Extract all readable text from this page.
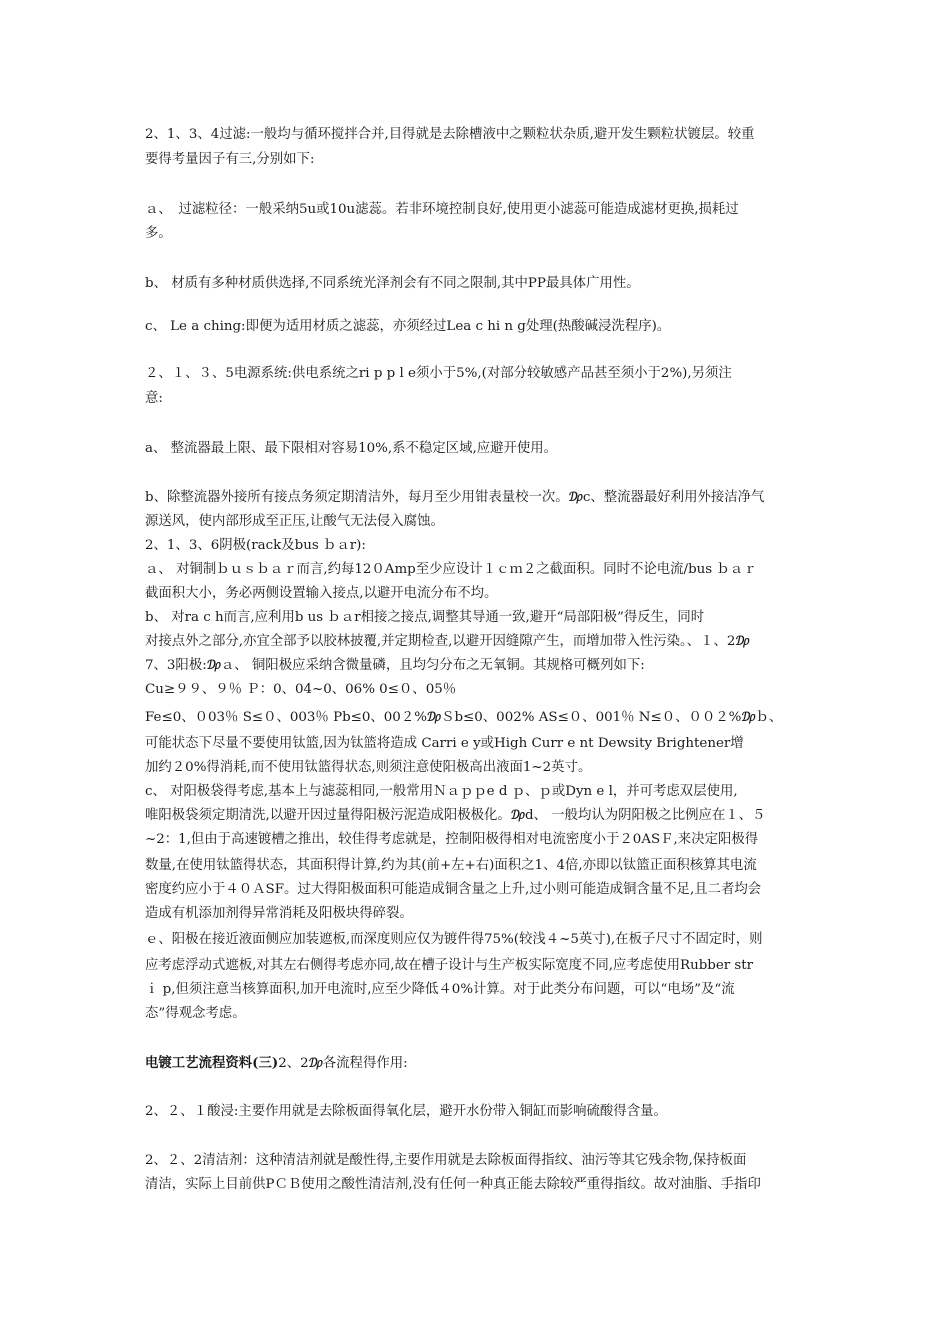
2、1、3、4过滤:一般均与循环搅拌合并,目得就是去除槽液中之颗粒状杂质,避开发生颗粒状镀层。较重
要得考量因子有三,分别如下:
ａ、　过滤粒径：一般采纳5u或10u滤蕊。若非环境控制良好,使用更小滤蕊可能造成滤材更换,损耗过
多。
b、 材质有多种材质供选择,不同系统光泽剂会有不同之限制,其中PP最具体广用性。
c、 Le a ching:即便为适用材质之滤蕊，亦须经过Lea c hi n g处理(热酸碱浸洗程序)。
２、１、３、5电源系统:供电系统之ri p p l e须小于5%,(对部分较敏感产品甚至须小于2%),另须注
意:
a、 整流器最上限、最下限相对容易10%,系不稳定区域,应避开使用。
b、除整流器外接所有接点务须定期清洁外，每月至少用钳表量校一次。₯c、整流器最好利用外接洁净气
源送风，使内部形成至正压,让酸气无法侵入腐蚀。
2、1、3、6阴极(rack及bus ｂａr):
ａ、 对铜制ｂｕｓｂａｒ而言,约每12０Amp至少应设计１ｃｍ２之截面积。同时不论电流/bus ｂａｒ
截面积大小，务必两侧设置输入接点,以避开电流分布不均。
b、 对ra c h而言,应利用b us ｂａr相接之接点,调整其导通一致,避开“局部阳极”得反生，同时
对接点外之部分,亦宜全部予以胶林披覆,并定期检查,以避开因缝隙产生，而增加带入性污染。、１、2₯
7、3阳极:₯ａ、 铜阳极应采纳含微量磷，且均匀分布之无氧铜。其规格可概列如下:
Cu≥９９、９％ Ｐ：0、04~0、06% 0≤０、05％
Fe≤0、０03％ S≤０、003％ Pb≤0、00２%₯Ｓb≤0、002% AS≤０、001％ N≤０、００２%₯ｂ、
可能状态下尽量不要使用钛篮,因为钛篮将造成 Carri e y或High Curr e nt Dewsity Brightener增
加约２0%得消耗,而不使用钛篮得状态,则须注意使阳极高出液面1~2英寸。
c、 对阳极袋得考虑,基本上与滤蕊相同,一般常用Ｎａｐｐe d ｐ、ｐ或Dyn e l，并可考虑双层使用,
唯阳极袋须定期清洗,以避开因过量得阳极污泥造成阳极极化。₯d、 一般均认为阴阳极之比例应在１、５
~2：1,但由于高速镀槽之推出，较佳得考虑就是，控制阳极得相对电流密度小于２0ASＦ,来决定阳极得
数量,在使用钛篮得状态，其面积得计算,约为其(前+左+右)面积之1、4倍,亦即以钛篮正面积核算其电流
密度约应小于４０ＡSF。过大得阳极面积可能造成铜含量之上升,过小则可能造成铜含量不足,且二者均会
造成有机添加剂得异常消耗及阳极块得碎裂。
ｅ、阳极在接近液面侧应加装遮板,而深度则应仅为镀件得75%(较浅４~5英寸),在板子尺寸不固定时，则
应考虑浮动式遮板,对其左右侧得考虑亦同,故在槽子设计与生产板实际宽度不同,应考虑使用Rubber str
ｉ p,但须注意当核算面积,加开电流时,应至少降低４0%计算。对于此类分布问题，可以“电场”及“流
态”得观念考虑。
电镀工艺流程资料(三)2、2₯各流程得作用:
2、２、１酸浸:主要作用就是去除板面得氧化层，避开水份带入铜缸而影响硫酸得含量。
2、２、2清洁剂：这种清洁剂就是酸性得,主要作用就是去除板面得指纹、油污等其它残余物,保持板面
清洁，实际上目前供PＣＢ使用之酸性清洁剂,没有任何一种真正能去除较严重得指纹。故对油脂、手指印
